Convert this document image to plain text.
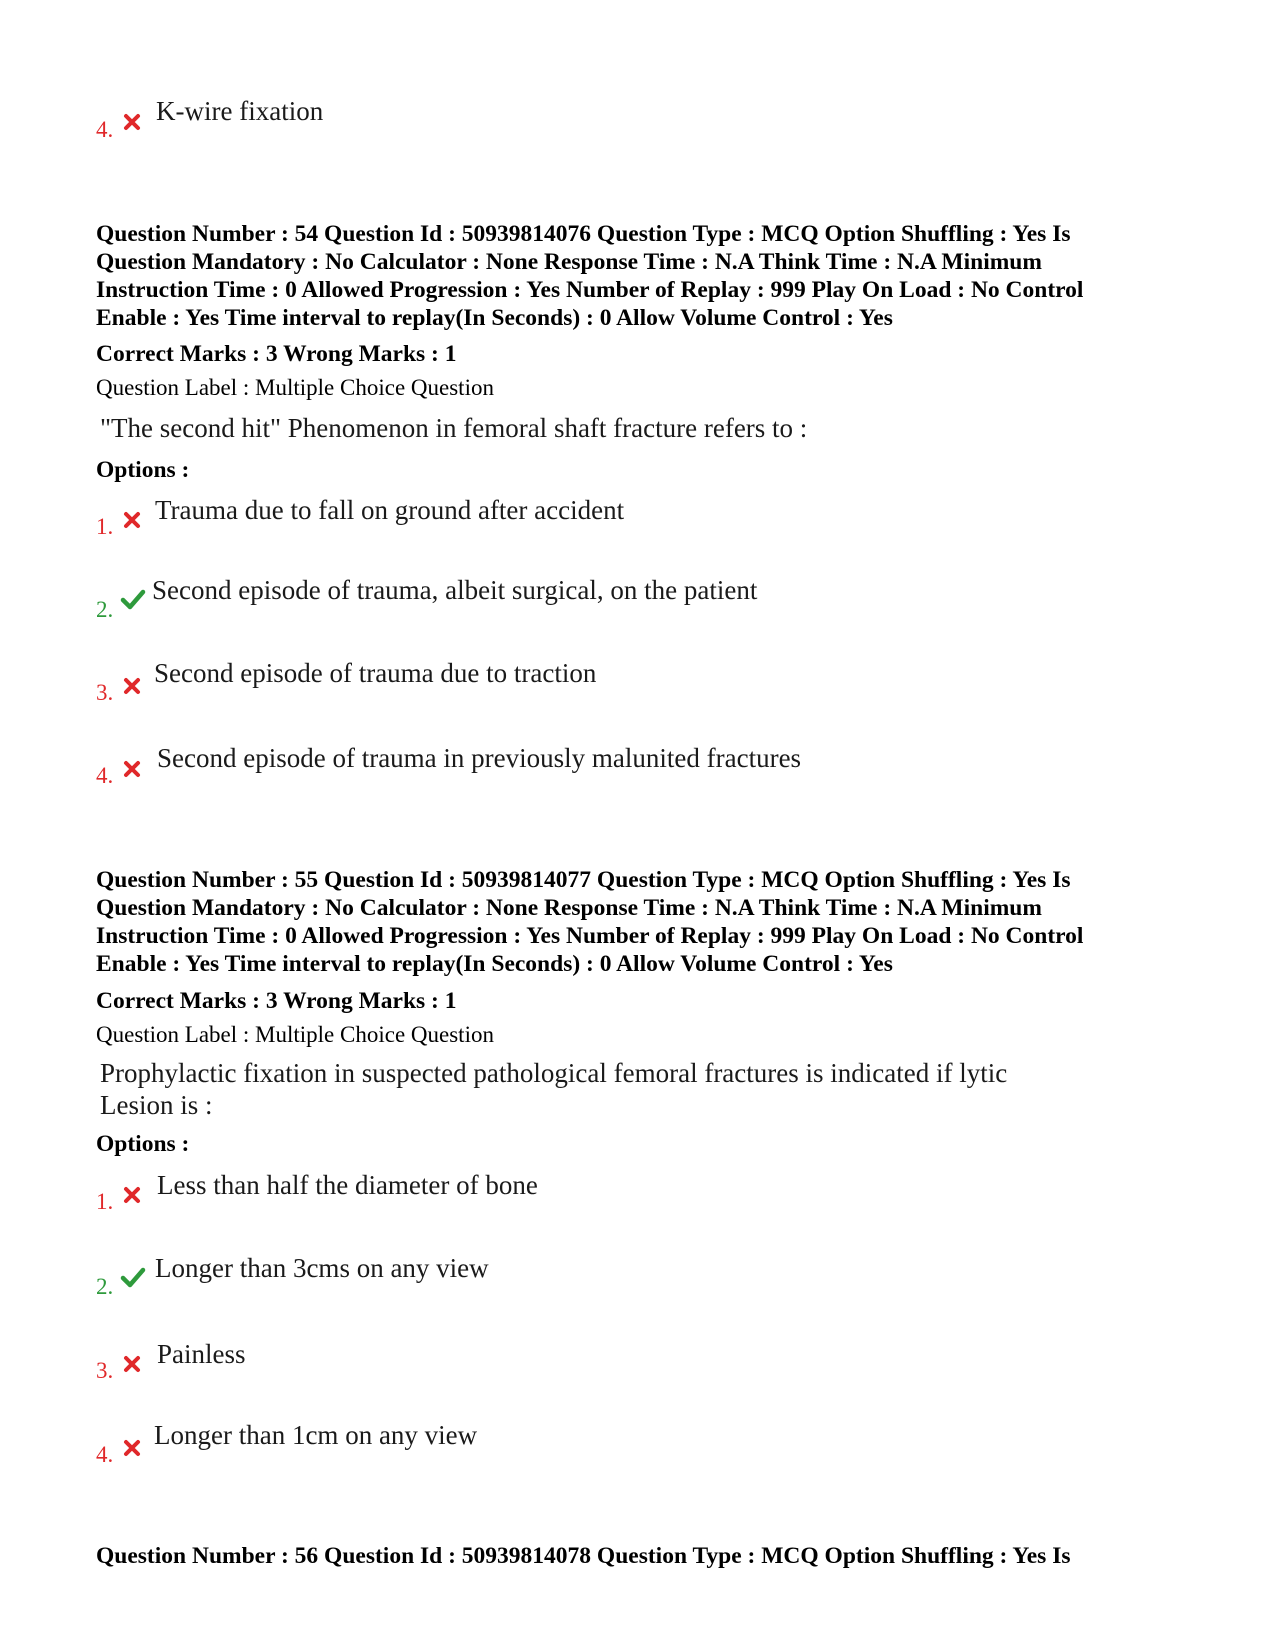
4.
K-wire fixation
Question Number : 54 Question Id : 50939814076 Question Type : MCQ Option Shuffling : Yes Is
Question Mandatory : No Calculator : None Response Time : N.A Think Time : N.A Minimum
Instruction Time : 0 Allowed Progression : Yes Number of Replay : 999 Play On Load : No Control
Enable : Yes Time interval to replay(In Seconds) : 0 Allow Volume Control : Yes
Correct Marks : 3 Wrong Marks : 1
Question Label : Multiple Choice Question
"The second hit" Phenomenon in femoral shaft fracture refers to :
Options :
1.
Trauma due to fall on ground after accident
2.
Second episode of trauma, albeit surgical, on the patient
3.
Second episode of trauma due to traction
4.
Second episode of trauma in previously malunited fractures
Question Number : 55 Question Id : 50939814077 Question Type : MCQ Option Shuffling : Yes Is
Question Mandatory : No Calculator : None Response Time : N.A Think Time : N.A Minimum
Instruction Time : 0 Allowed Progression : Yes Number of Replay : 999 Play On Load : No Control
Enable : Yes Time interval to replay(In Seconds) : 0 Allow Volume Control : Yes
Correct Marks : 3 Wrong Marks : 1
Question Label : Multiple Choice Question
Prophylactic fixation in suspected pathological femoral fractures is indicated if lytic
Lesion is :
Options :
1.
Less than half the diameter of bone
2.
Longer than 3cms on any view
3.
Painless
4.
Longer than 1cm on any view
Question Number : 56 Question Id : 50939814078 Question Type : MCQ Option Shuffling : Yes Is
